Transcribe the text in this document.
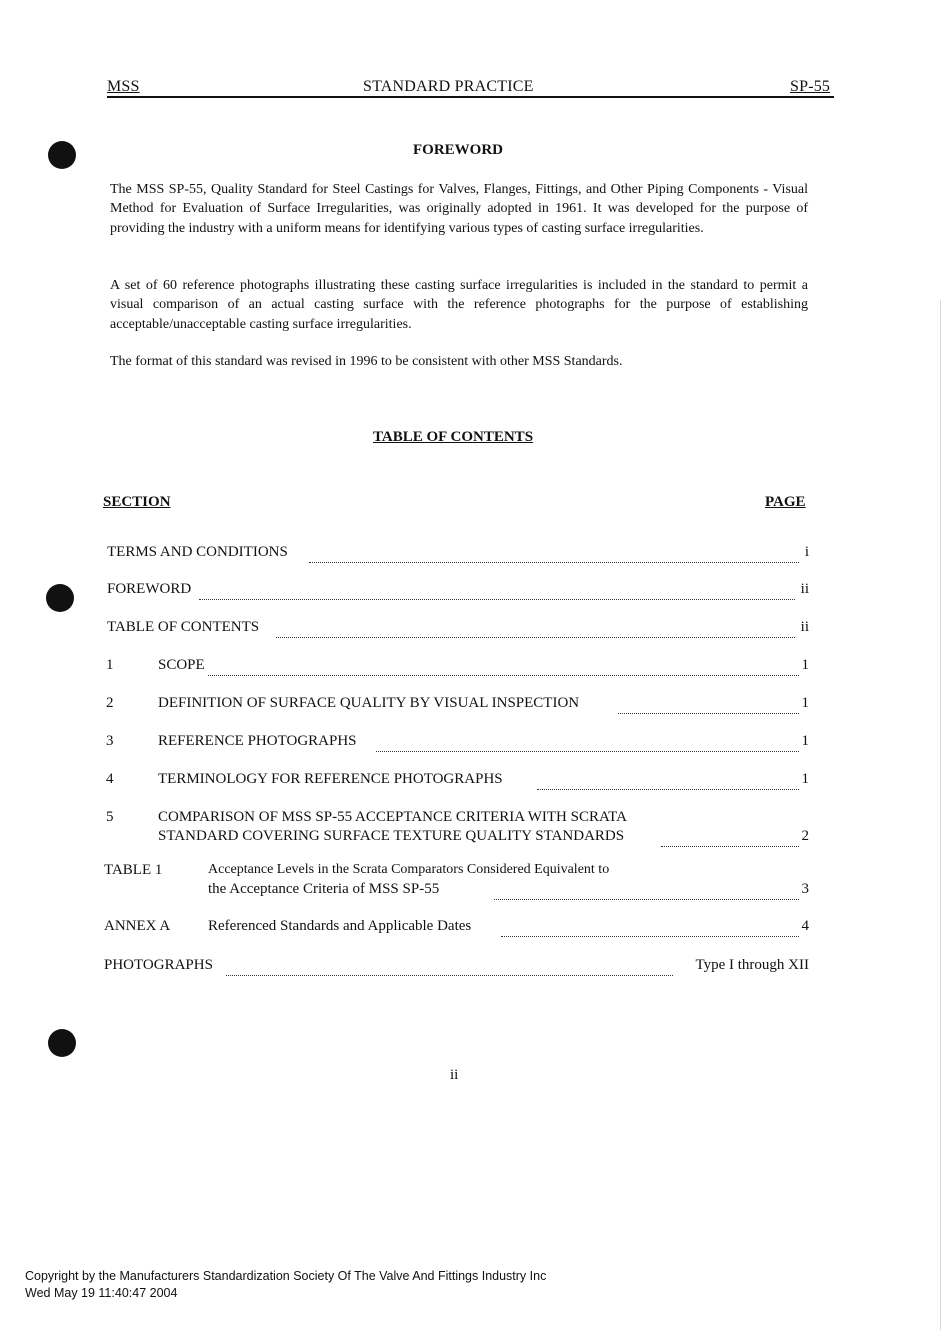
MSS	STANDARD PRACTICE	SP-55
FOREWORD
The MSS SP-55, Quality Standard for Steel Castings for Valves, Flanges, Fittings, and Other Piping Components - Visual Method for Evaluation of Surface Irregularities, was originally adopted in 1961. It was developed for the purpose of providing the industry with a uniform means for identifying various types of casting surface irregularities.
A set of 60 reference photographs illustrating these casting surface irregularities is included in the standard to permit a visual comparison of an actual casting surface with the reference photographs for the purpose of establishing acceptable/unacceptable casting surface irregularities.
The format of this standard was revised in 1996 to be consistent with other MSS Standards.
TABLE OF CONTENTS
SECTION	PAGE
TERMS AND CONDITIONS	i
FOREWORD	ii
TABLE OF CONTENTS	ii
1	SCOPE	1
2	DEFINITION OF SURFACE QUALITY BY VISUAL INSPECTION	1
3	REFERENCE PHOTOGRAPHS	1
4	TERMINOLOGY FOR REFERENCE PHOTOGRAPHS	1
5	COMPARISON OF MSS SP-55 ACCEPTANCE CRITERIA WITH SCRATA
STANDARD COVERING SURFACE TEXTURE QUALITY STANDARDS	2
TABLE 1	Acceptance Levels in the Scrata Comparators Considered Equivalent to
the Acceptance Criteria of MSS SP-55	3
ANNEX A	Referenced Standards and Applicable Dates	4
PHOTOGRAPHS	Type I through XII
ii
Copyright by the Manufacturers Standardization Society Of The Valve And Fittings Industry Inc
Wed May 19 11:40:47 2004
